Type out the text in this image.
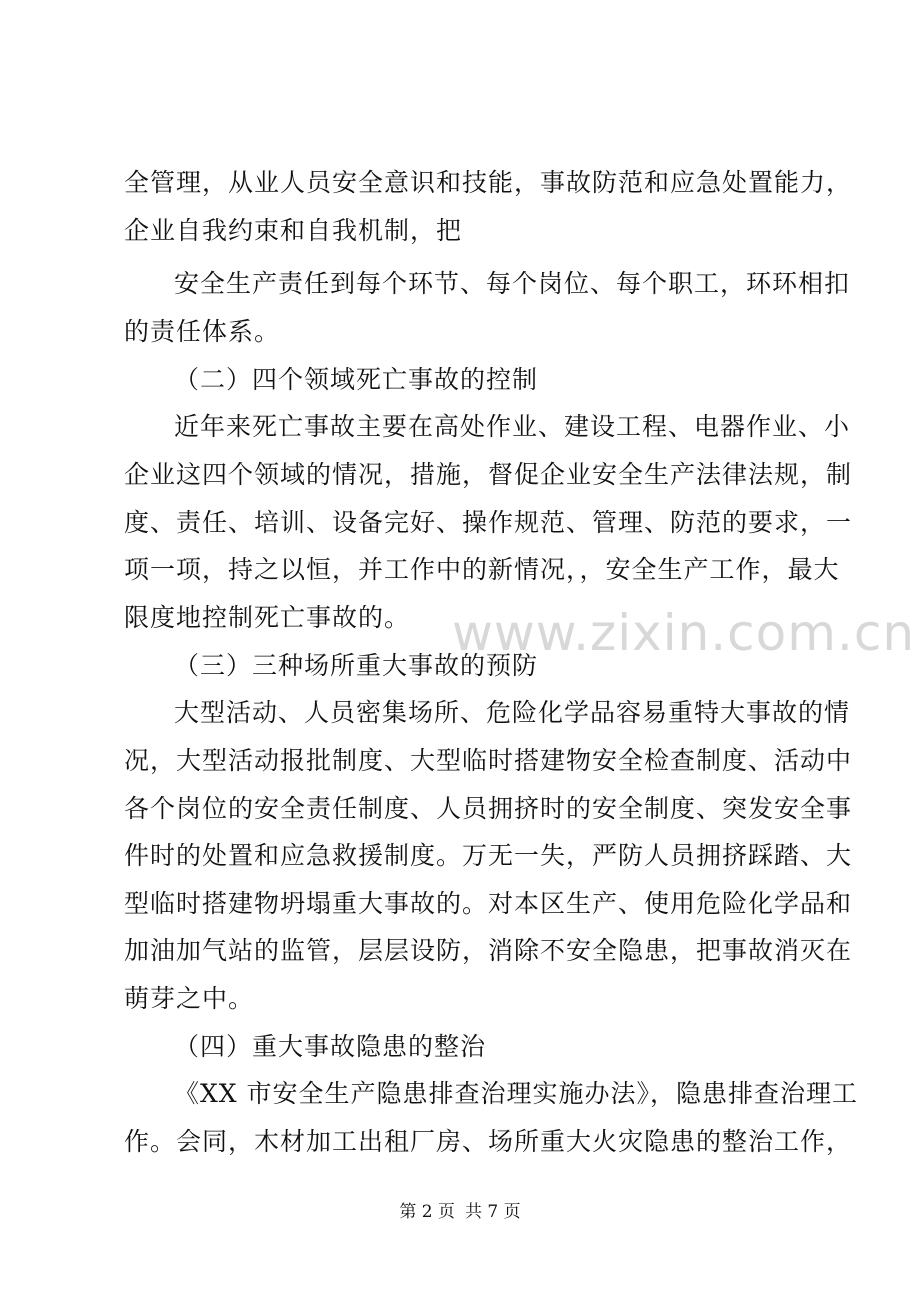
全管理，从业人员安全意识和技能，事故防范和应急处置能力，
企业自我约束和自我机制，把
安全生产责任到每个环节、每个岗位、每个职工，环环相扣
的责任体系。
（二）四个领域死亡事故的控制
近年来死亡事故主要在高处作业、建设工程、电器作业、小
企业这四个领域的情况，措施，督促企业安全生产法律法规，制
度、责任、培训、设备完好、操作规范、管理、防范的要求，一
项一项，持之以恒，并工作中的新情况，，安全生产工作，最大
限度地控制死亡事故的。
（三）三种场所重大事故的预防
大型活动、人员密集场所、危险化学品容易重特大事故的情
况，大型活动报批制度、大型临时搭建物安全检查制度、活动中
各个岗位的安全责任制度、人员拥挤时的安全制度、突发安全事
件时的处置和应急救援制度。万无一失，严防人员拥挤踩踏、大
型临时搭建物坍塌重大事故的。对本区生产、使用危险化学品和
加油加气站的监管，层层设防，消除不安全隐患，把事故消灭在
萌芽之中。
（四）重大事故隐患的整治
《XX 市安全生产隐患排查治理实施办法》，隐患排查治理工
作。会同，木材加工出租厂房、场所重大火灾隐患的整治工作，
www.zixin.com.cn
第 2 页 共 7 页
